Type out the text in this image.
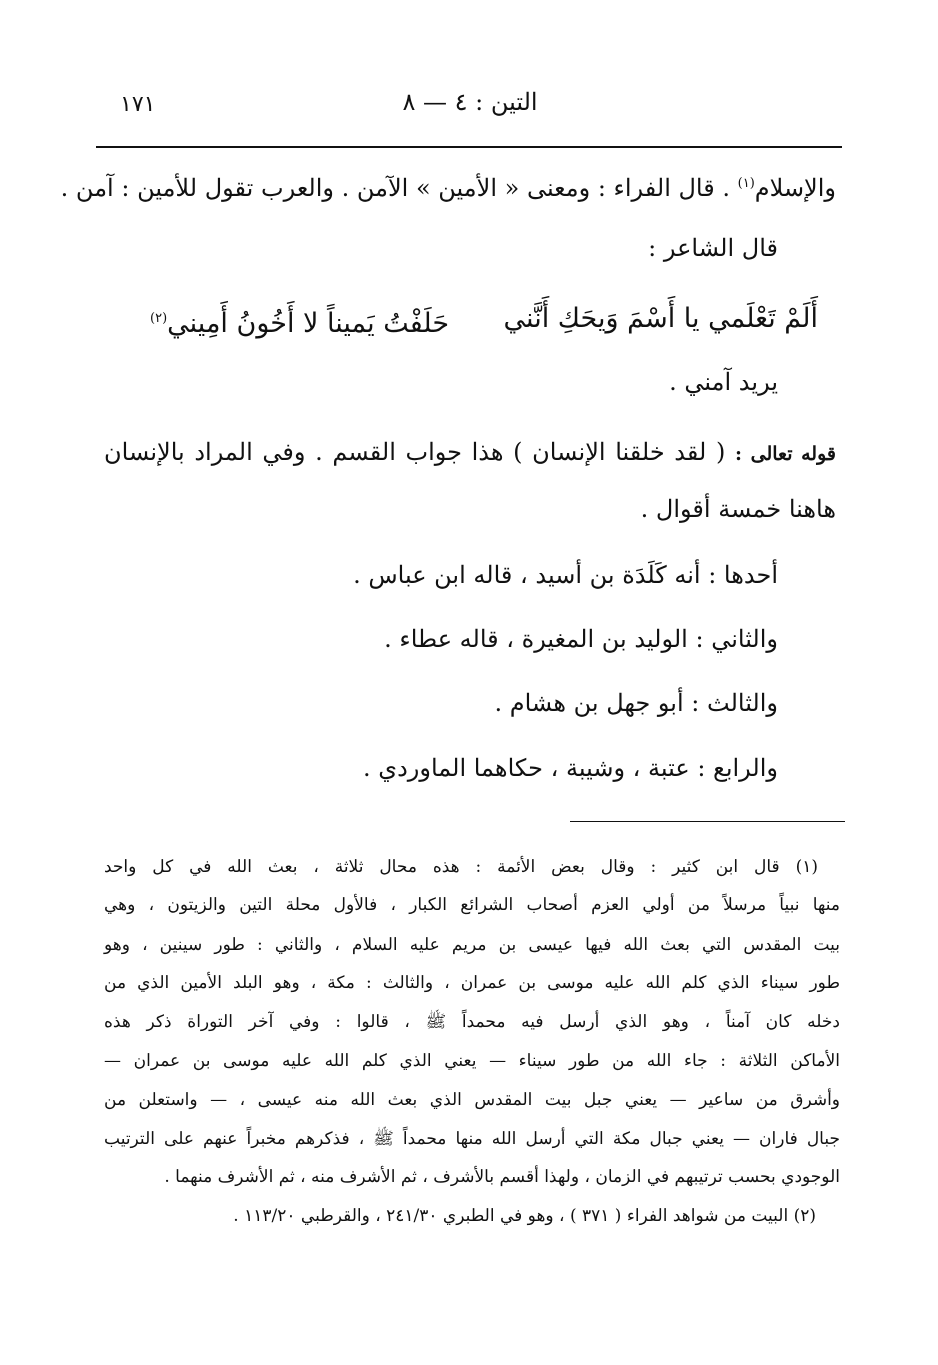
التين : ٤ — ٨
١٧١
والإسلام$^{(١)}$ . قال الفراء : ومعنى « الأمين » الآمن . والعرب تقول للأمين : آمن .
قال الشاعر :
أَلَمْ تَعْلَمي يا أَسْمَ وَيحَكِ أَنَّني
حَلَفْتُ يَميناً لا أَخُونُ أَمِيني$^{(٢)}$
يريد آمني .
قوله تعالى : ( لقد خلقنا الإنسان ) هذا جواب القسم . وفي المراد بالإنسان
هاهنا خمسة أقوال .
أحدها : أنه كَلَدَة بن أسيد ، قاله ابن عباس .
والثاني : الوليد بن المغيرة ، قاله عطاء .
والثالث : أبو جهل بن هشام .
والرابع : عتبة ، وشيبة ، حكاهما الماوردي .
(١) قال ابن كثير : وقال بعض الأئمة : هذه محال ثلاثة ، بعث الله في كل واحد
منها نبياً مرسلاً من أولي العزم أصحاب الشرائع الكبار ، فالأول محلة التين والزيتون ، وهي
بيت المقدس التي بعث الله فيها عيسى بن مريم عليه السلام ، والثاني : طور سينين ، وهو
طور سيناء الذي كلم الله عليه موسى بن عمران ، والثالث : مكة ، وهو البلد الأمين الذي من
دخله كان آمناً ، وهو الذي أرسل فيه محمداً ﷺ ، قالوا : وفي آخر التوراة ذكر هذه
الأماكن الثلاثة : جاء الله من طور سيناء — يعني الذي كلم الله عليه موسى بن عمران —
وأشرق من ساعير — يعني جبل بيت المقدس الذي بعث الله منه عيسى ، — واستعلن من
جبال فاران — يعني جبال مكة التي أرسل الله منها محمداً ﷺ ، فذكرهم مخبراً عنهم على الترتيب
الوجودي بحسب ترتيبهم في الزمان ، ولهذا أقسم بالأشرف ، ثم الأشرف منه ، ثم الأشرف منهما .
(٢) البيت من شواهد الفراء ( ٣٧١ ) ، وهو في الطبري ٢٤١/٣٠ ، والقرطبي ١١٣/٢٠ .
